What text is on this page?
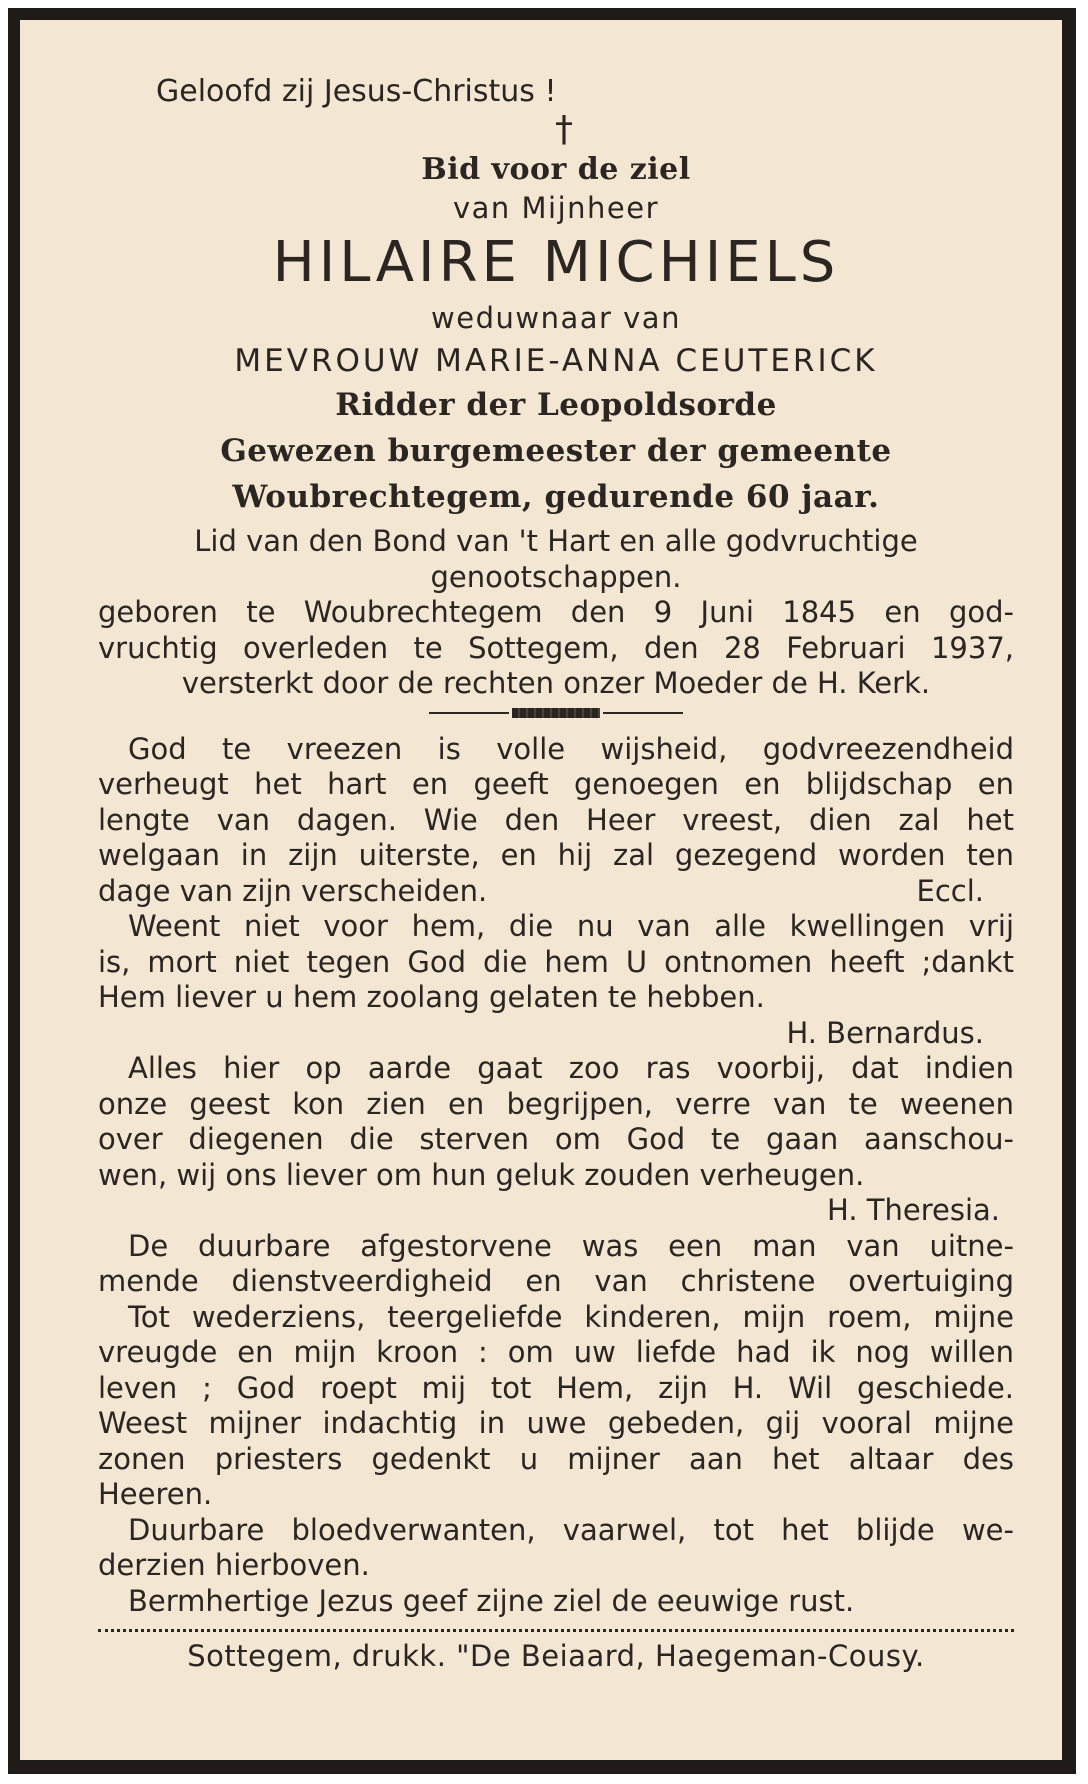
Geloofd zij Jesus-Christus !
†
Bid voor de ziel
van Mijnheer
HILAIRE MICHIELS
weduwnaar van
MEVROUW MARIE-ANNA CEUTERICK
Ridder der Leopoldsorde
Gewezen burgemeester der gemeente
Woubrechtegem, gedurende 60 jaar.
Lid van den Bond van 't Hart en alle godvruchtige
genootschappen.
geboren te Woubrechtegem den 9 Juni 1845 en god-
vruchtig overleden te Sottegem, den 28 Februari 1937,
versterkt door de rechten onzer Moeder de H. Kerk.
God te vreezen is volle wijsheid, godvreezendheid
verheugt het hart en geeft genoegen en blijdschap en
lengte van dagen. Wie den Heer vreest, dien zal het
welgaan in zijn uiterste, en hij zal gezegend worden ten
dage van zijn verscheiden.	Eccl.
Weent niet voor hem, die nu van alle kwellingen vrij
is, mort niet tegen God die hem U ontnomen heeft ;dankt
Hem liever u hem zoolang gelaten te hebben.
H. Bernardus.
Alles hier op aarde gaat zoo ras voorbij, dat indien
onze geest kon zien en begrijpen, verre van te weenen
over diegenen die sterven om God te gaan aanschou-
wen, wij ons liever om hun geluk zouden verheugen.
H. Theresia.
De duurbare afgestorvene was een man van uitne-
mende dienstveerdigheid en van christene overtuiging
Tot wederziens, teergeliefde kinderen, mijn roem, mijne
vreugde en mijn kroon : om uw liefde had ik nog willen
leven ; God roept mij tot Hem, zijn H. Wil geschiede.
Weest mijner indachtig in uwe gebeden, gij vooral mijne
zonen priesters gedenkt u mijner aan het altaar des
Heeren.
Duurbare bloedverwanten, vaarwel, tot het blijde we-
derzien hierboven.
Bermhertige Jezus geef zijne ziel de eeuwige rust.
Sottegem, drukk. "De Beiaard, Haegeman-Cousy.
